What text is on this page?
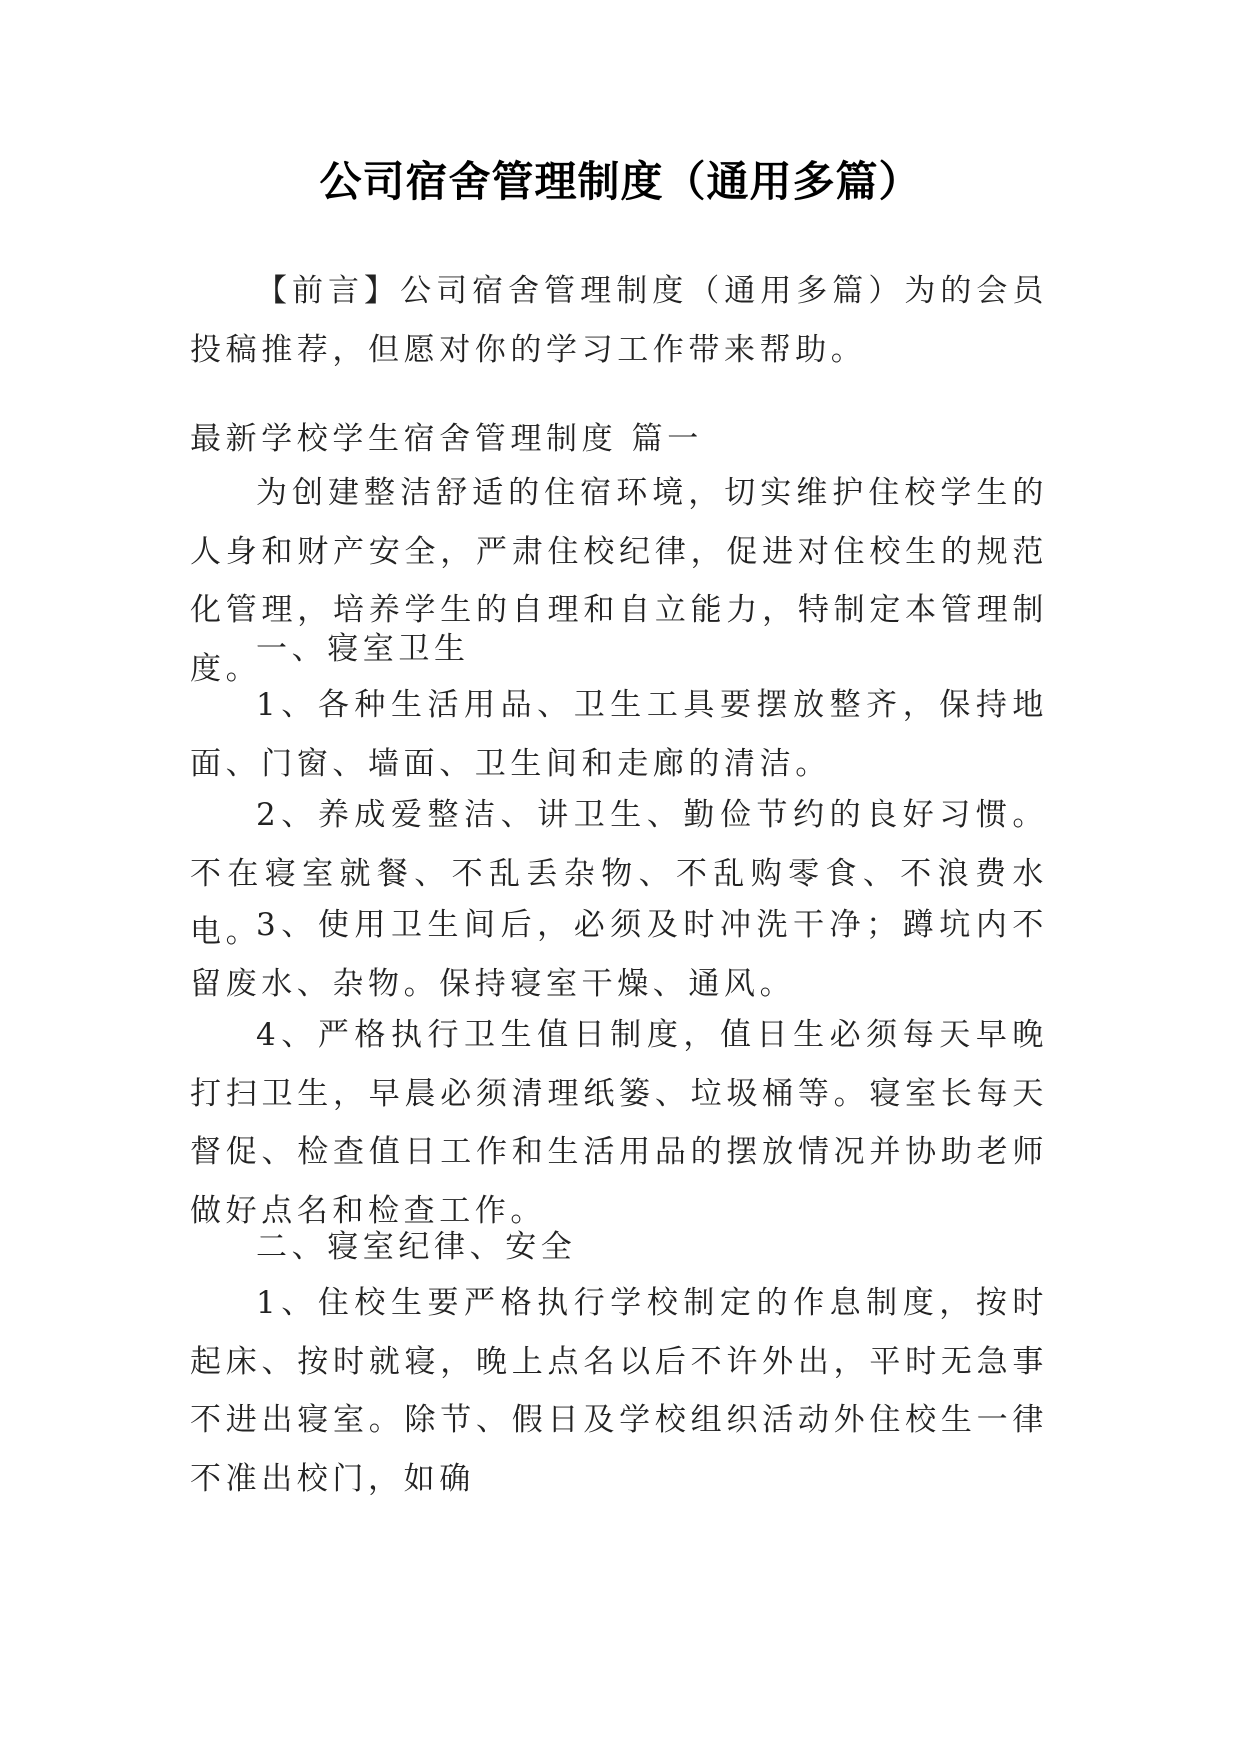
公司宿舍管理制度（通用多篇）

【前言】公司宿舍管理制度（通用多篇）为的会员投稿推荐，但愿对你的学习工作带来帮助。

最新学校学生宿舍管理制度 篇一

为创建整洁舒适的住宿环境，切实维护住校学生的人身和财产安全，严肃住校纪律，促进对住校生的规范化管理，培养学生的自理和自立能力，特制定本管理制度。

一、寝室卫生

1、各种生活用品、卫生工具要摆放整齐，保持地面、门窗、墙面、卫生间和走廊的清洁。

2、养成爱整洁、讲卫生、勤俭节约的良好习惯。不在寝室就餐、不乱丢杂物、不乱购零食、不浪费水电。

3、使用卫生间后，必须及时冲洗干净；蹲坑内不留废水、杂物。保持寝室干燥、通风。

4、严格执行卫生值日制度，值日生必须每天早晚打扫卫生，早晨必须清理纸篓、垃圾桶等。寝室长每天督促、检查值日工作和生活用品的摆放情况并协助老师做好点名和检查工作。

二、寝室纪律、安全

1、住校生要严格执行学校制定的作息制度，按时起床、按时就寝，晚上点名以后不许外出，平时无急事不进出寝室。除节、假日及学校组织活动外住校生一律不准出校门，如确
